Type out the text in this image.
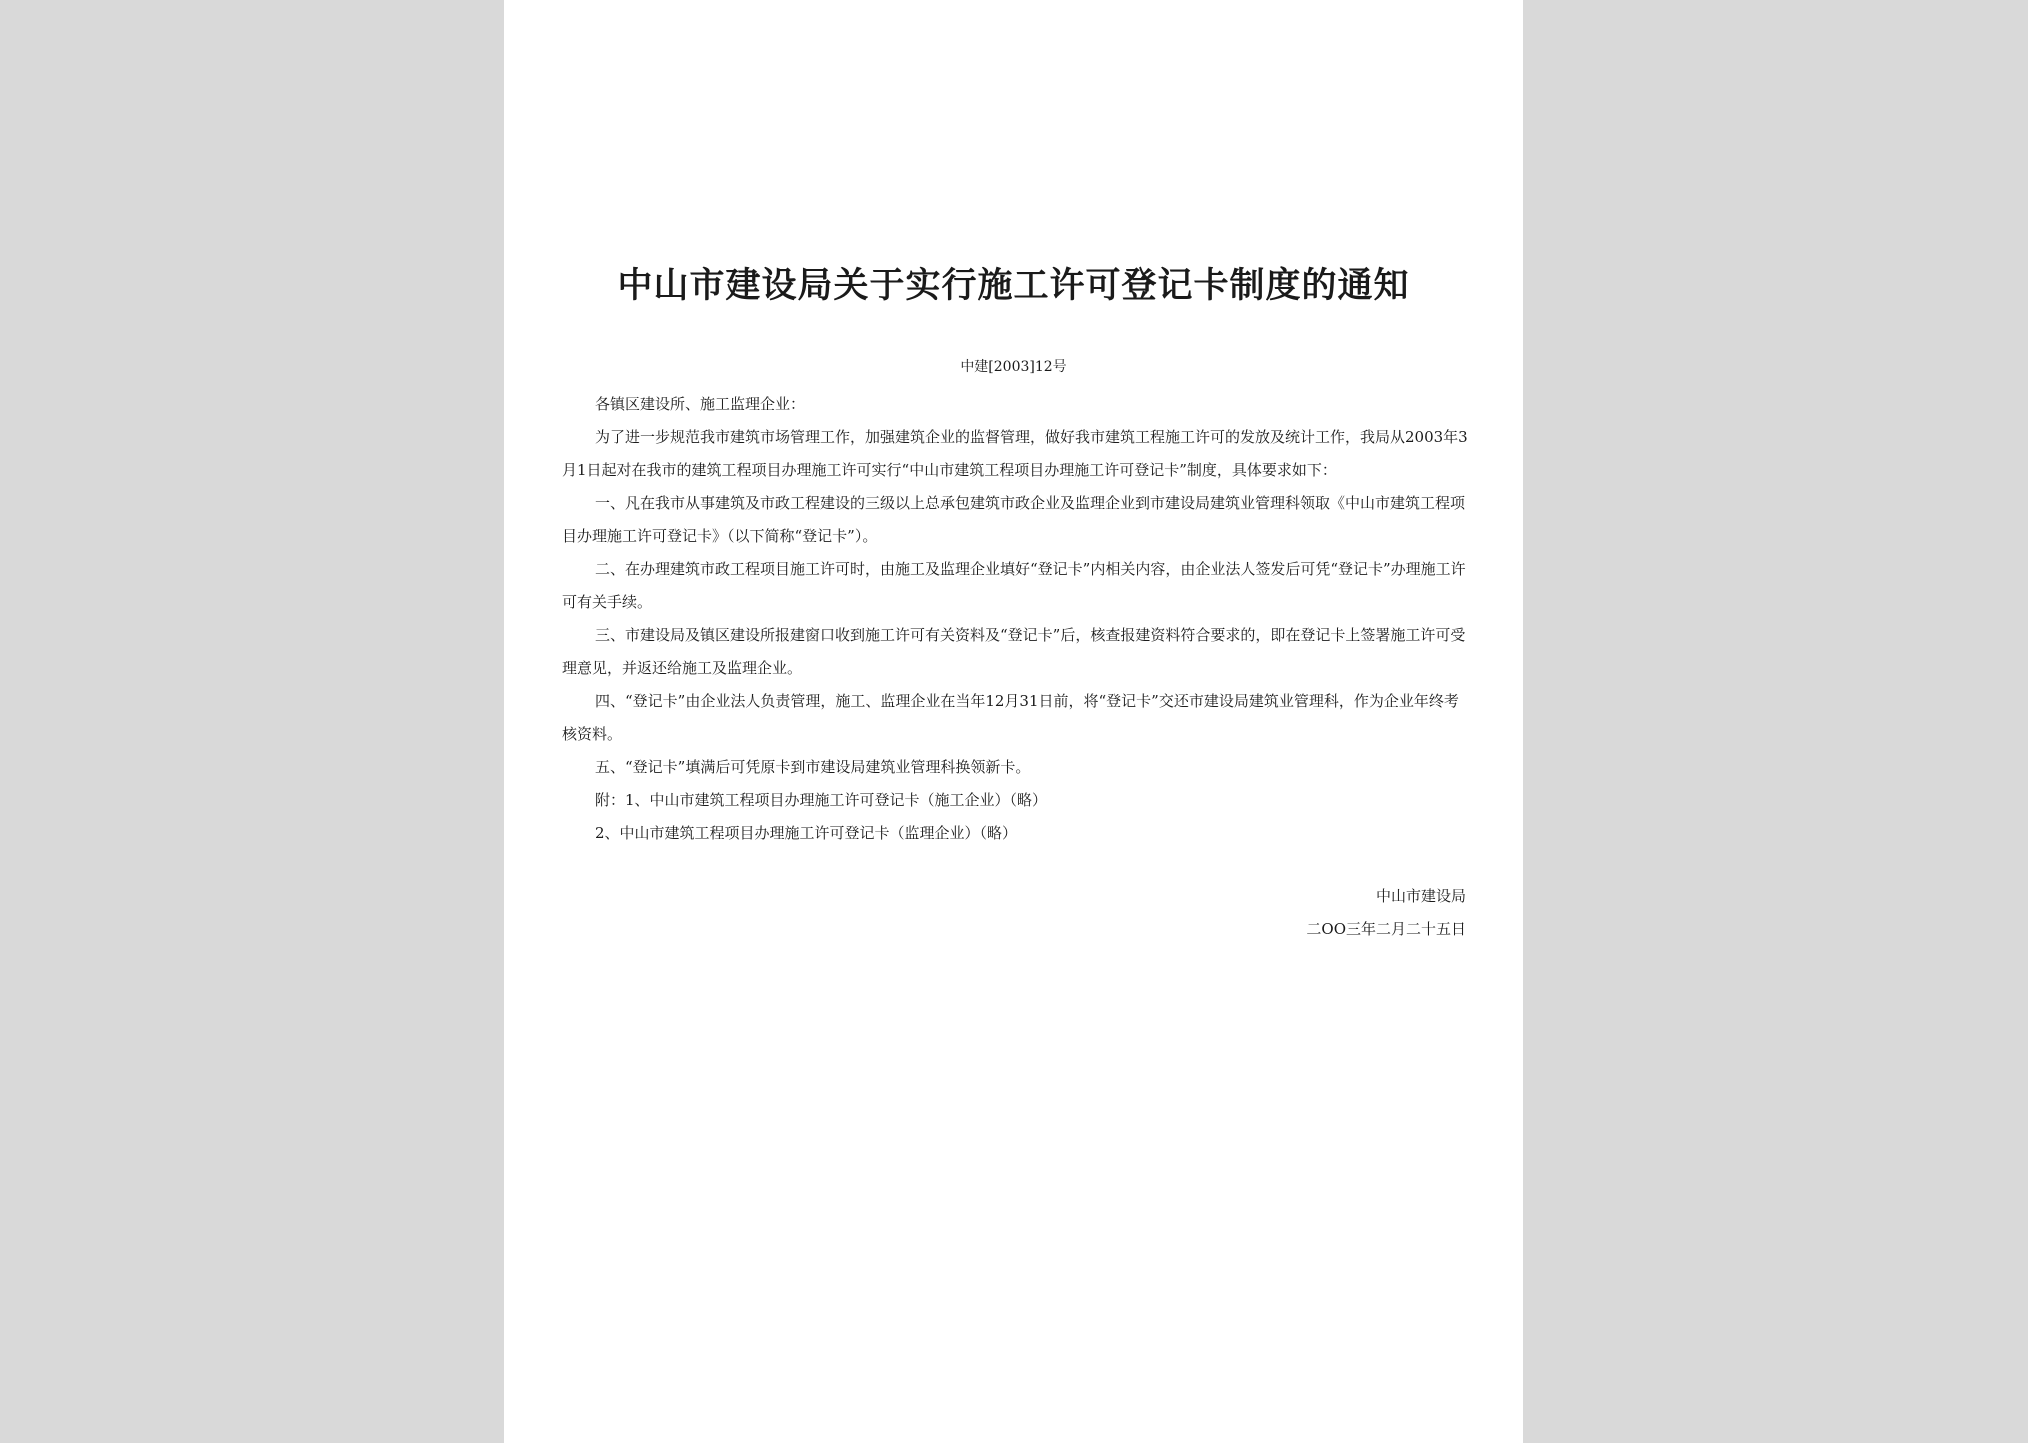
中山市建设局关于实行施工许可登记卡制度的通知
中建[2003]12号

各镇区建设所、施工监理企业：

为了进一步规范我市建筑市场管理工作，加强建筑企业的监督管理，做好我市建筑工程施工许可的发放及统计工作，我局从2003年3月1日起对在我市的建筑工程项目办理施工许可实行“中山市建筑工程项目办理施工许可登记卡”制度，具体要求如下：

一、凡在我市从事建筑及市政工程建设的三级以上总承包建筑市政企业及监理企业到市建设局建筑业管理科领取《中山市建筑工程项目办理施工许可登记卡》（以下简称“登记卡”）。

二、在办理建筑市政工程项目施工许可时，由施工及监理企业填好“登记卡”内相关内容，由企业法人签发后可凭“登记卡”办理施工许可有关手续。

三、市建设局及镇区建设所报建窗口收到施工许可有关资料及“登记卡”后，核查报建资料符合要求的，即在登记卡上签署施工许可受理意见，并返还给施工及监理企业。

四、“登记卡”由企业法人负责管理，施工、监理企业在当年12月31日前，将“登记卡”交还市建设局建筑业管理科，作为企业年终考核资料。

五、“登记卡”填满后可凭原卡到市建设局建筑业管理科换领新卡。

附：1、中山市建筑工程项目办理施工许可登记卡（施工企业）（略）

2、中山市建筑工程项目办理施工许可登记卡（监理企业）（略）

中山市建设局
二OO三年二月二十五日
